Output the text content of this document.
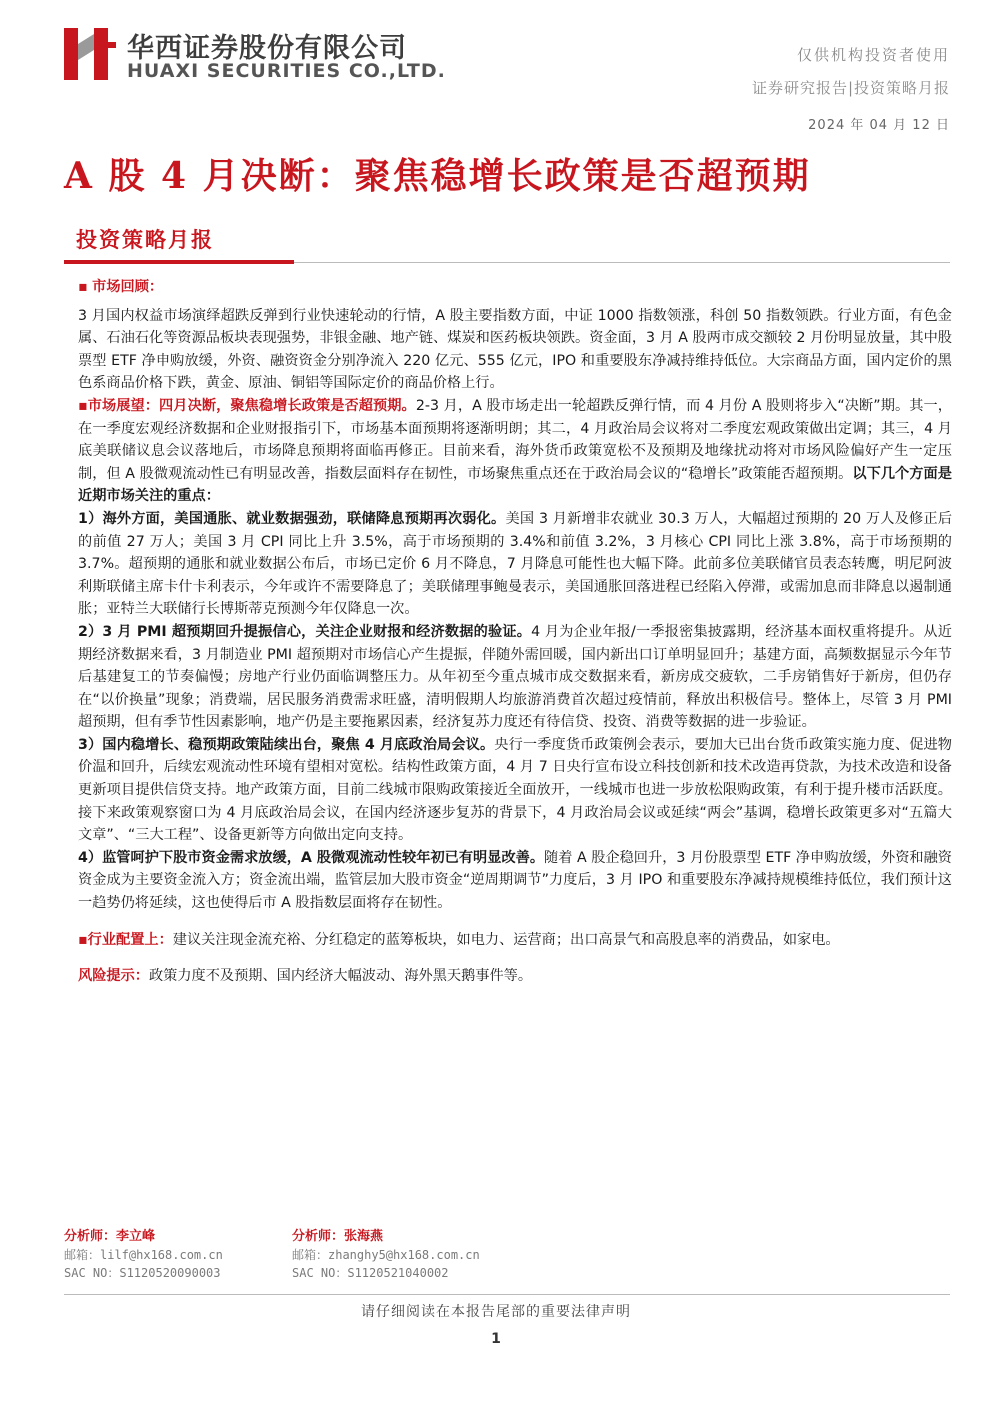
华西证券股份有限公司
HUAXI SECURITIES CO.,LTD.
仅供机构投资者使用
证券研究报告|投资策略月报
2024 年 04 月 12 日
A 股 4 月决断：聚焦稳增长政策是否超预期
投资策略月报

▪ 市场回顾：

3 月国内权益市场演绎超跌反弹到行业快速轮动的行情，A 股主要指数方面，中证 1000 指数领涨，科创 50 指数领跌。行业方面，有色金属、石油石化等资源品板块表现强势，非银金融、地产链、煤炭和医药板块领跌。资金面，3 月 A 股两市成交额较 2 月份明显放量，其中股票型 ETF 净申购放缓，外资、融资资金分别净流入 220 亿元、555 亿元，IPO 和重要股东净减持维持低位。大宗商品方面，国内定价的黑色系商品价格下跌，黄金、原油、铜铝等国际定价的商品价格上行。

▪市场展望：四月决断，聚焦稳增长政策是否超预期。2-3 月，A 股市场走出一轮超跌反弹行情，而 4 月份 A 股则将步入“决断”期。其一，在一季度宏观经济数据和企业财报指引下，市场基本面预期将逐渐明朗；其二，4 月政治局会议将对二季度宏观政策做出定调；其三，4 月底美联储议息会议落地后，市场降息预期将面临再修正。目前来看，海外货币政策宽松不及预期及地缘扰动将对市场风险偏好产生一定压制，但 A 股微观流动性已有明显改善，指数层面料存在韧性，市场聚焦重点还在于政治局会议的“稳增长”政策能否超预期。以下几个方面是近期市场关注的重点：

1）海外方面，美国通胀、就业数据强劲，联储降息预期再次弱化。美国 3 月新增非农就业 30.3 万人，大幅超过预期的 20 万人及修正后的前值 27 万人；美国 3 月 CPI 同比上升 3.5%，高于市场预期的 3.4%和前值 3.2%，3 月核心 CPI 同比上涨 3.8%，高于市场预期的 3.7%。超预期的通胀和就业数据公布后，市场已定价 6 月不降息，7 月降息可能性也大幅下降。此前多位美联储官员表态转鹰，明尼阿波利斯联储主席卡什卡利表示，今年或许不需要降息了；美联储理事鲍曼表示，美国通胀回落进程已经陷入停滞，或需加息而非降息以遏制通胀；亚特兰大联储行长博斯蒂克预测今年仅降息一次。

2）3 月 PMI 超预期回升提振信心，关注企业财报和经济数据的验证。4 月为企业年报/一季报密集披露期，经济基本面权重将提升。从近期经济数据来看，3 月制造业 PMI 超预期对市场信心产生提振，伴随外需回暖，国内新出口订单明显回升；基建方面，高频数据显示今年节后基建复工的节奏偏慢；房地产行业仍面临调整压力。从年初至今重点城市成交数据来看，新房成交疲软，二手房销售好于新房，但仍存在“以价换量”现象；消费端，居民服务消费需求旺盛，清明假期人均旅游消费首次超过疫情前，释放出积极信号。整体上，尽管 3 月 PMI 超预期，但有季节性因素影响，地产仍是主要拖累因素，经济复苏力度还有待信贷、投资、消费等数据的进一步验证。

3）国内稳增长、稳预期政策陆续出台，聚焦 4 月底政治局会议。央行一季度货币政策例会表示，要加大已出台货币政策实施力度、促进物价温和回升，后续宏观流动性环境有望相对宽松。结构性政策方面，4 月 7 日央行宣布设立科技创新和技术改造再贷款，为技术改造和设备更新项目提供信贷支持。地产政策方面，目前二线城市限购政策接近全面放开，一线城市也进一步放松限购政策，有利于提升楼市活跃度。接下来政策观察窗口为 4 月底政治局会议，在国内经济逐步复苏的背景下，4 月政治局会议或延续“两会”基调，稳增长政策更多对“五篇大文章”、“三大工程”、设备更新等方向做出定向支持。

4）监管呵护下股市资金需求放缓，A 股微观流动性较年初已有明显改善。随着 A 股企稳回升，3 月份股票型 ETF 净申购放缓，外资和融资资金成为主要资金流入方；资金流出端，监管层加大股市资金“逆周期调节”力度后，3 月 IPO 和重要股东净减持规模维持低位，我们预计这一趋势仍将延续，这也使得后市 A 股指数层面将存在韧性。

▪行业配置上：建议关注现金流充裕、分红稳定的蓝筹板块，如电力、运营商；出口高景气和高股息率的消费品，如家电。

风险提示：政策力度不及预期、国内经济大幅波动、海外黑天鹅事件等。

分析师：李立峰
邮箱：lilf@hx168.com.cn
SAC NO：S1120520090003
分析师：张海燕
邮箱：zhanghy5@hx168.com.cn
SAC NO：S1120521040002
请仔细阅读在本报告尾部的重要法律声明
1
